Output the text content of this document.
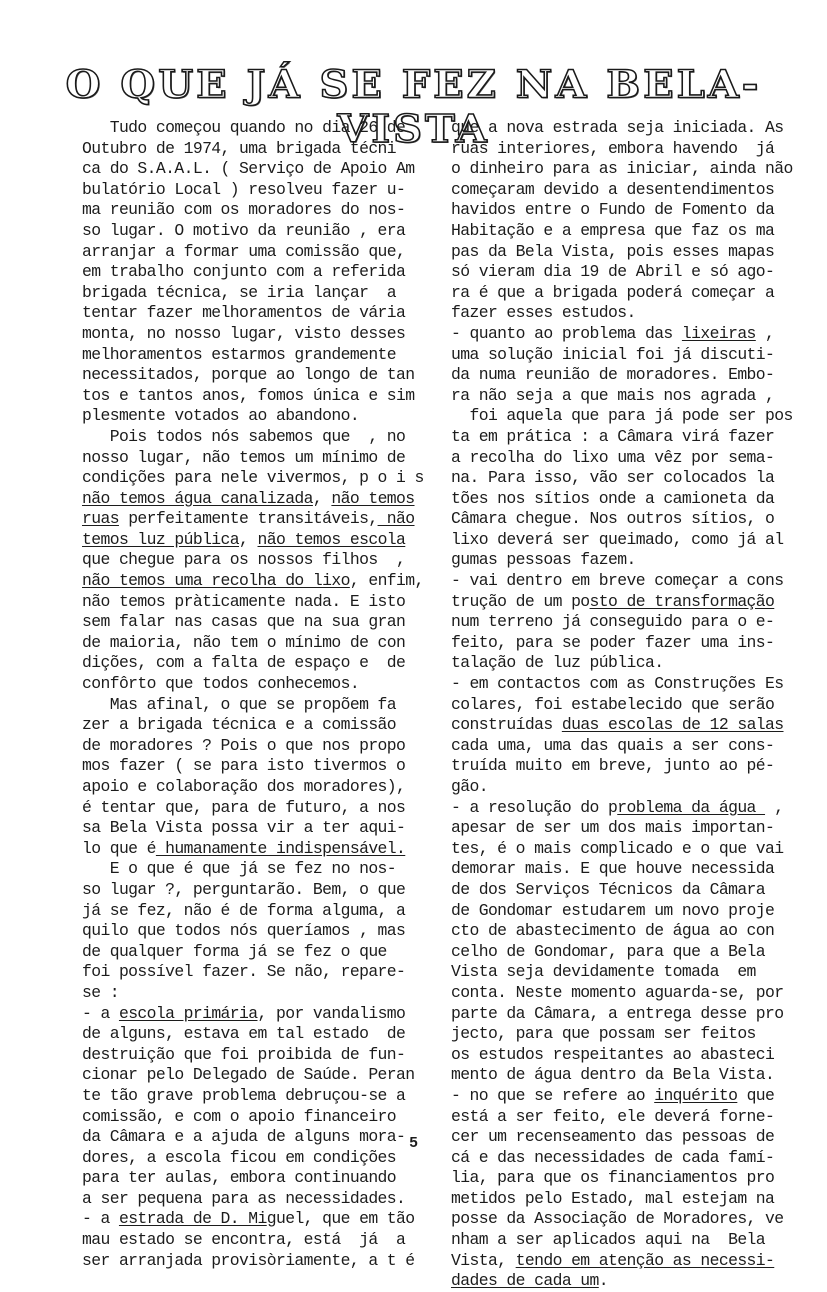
O QUE JÁ SE FEZ NA BELA-VISTA
Tudo começou quando no dia 26 de
Outubro de 1974, uma brigada técni
ca do S.A.A.L. ( Serviço de Apoio Am
bulatório Local ) resolveu fazer u-
ma reunião com os moradores do nos-
so lugar. O motivo da reunião , era
arranjar a formar uma comissão que,
em trabalho conjunto com a referida
brigada técnica, se iria lançar  a
tentar fazer melhoramentos de vária
monta, no nosso lugar, visto desses
melhoramentos estarmos grandemente
necessitados, porque ao longo de tan
tos e tantos anos, fomos única e sim
plesmente votados ao abandono.
Pois todos nós sabemos que  , no
nosso lugar, não temos um mínimo de
condições para nele vivermos, p o i s
não temos água canalizada, não temos
ruas perfeitamente transitáveis, não
temos luz pública, não temos escola
que chegue para os nossos filhos  ,
não temos uma recolha do lixo, enfim,
não temos pràticamente nada. E isto
sem falar nas casas que na sua gran
de maioria, não tem o mínimo de con
dições, com a falta de espaço e  de
confôrto que todos conhecemos.
Mas afinal, o que se propõem fa
zer a brigada técnica e a comissão
de moradores ? Pois o que nos propo
mos fazer ( se para isto tivermos o
apoio e colaboração dos moradores),
é tentar que, para de futuro, a nos
sa Bela Vista possa vir a ter aqui-
lo que é humanamente indispensável.
E o que é que já se fez no nos-
so lugar ?, perguntarão. Bem, o que
já se fez, não é de forma alguma, a
quilo que todos nós queríamos , mas
de qualquer forma já se fez o que
foi possível fazer. Se não, repare-
se :
- a escola primária, por vandalismo
de alguns, estava em tal estado  de
destruição que foi proibida de fun-
cionar pelo Delegado de Saúde. Peran
te tão grave problema debruçou-se a
comissão, e com o apoio financeiro
da Câmara e a ajuda de alguns mora-
dores, a escola ficou em condições
para ter aulas, embora continuando
a ser pequena para as necessidades.
- a estrada de D. Miguel, que em tão
mau estado se encontra, está  já  a
ser arranjada provisòriamente, a t é
que a nova estrada seja iniciada. As
ruas interiores, embora havendo  já
o dinheiro para as iniciar, ainda não
começaram devido a desentendimentos
havidos entre o Fundo de Fomento da
Habitação e a empresa que faz os ma
pas da Bela Vista, pois esses mapas
só vieram dia 19 de Abril e só ago-
ra é que a brigada poderá começar a
fazer esses estudos.
- quanto ao problema das lixeiras ,
uma solução inicial foi já discuti-
da numa reunião de moradores. Embo-
ra não seja a que mais nos agrada ,
foi aquela que para já pode ser pos
ta em prática : a Câmara virá fazer
a recolha do lixo uma vêz por sema-
na. Para isso, vão ser colocados la
tões nos sítios onde a camioneta da
Câmara chegue. Nos outros sítios, o
lixo deverá ser queimado, como já al
gumas pessoas fazem.
- vai dentro em breve começar a cons
trução de um posto de transformação
num terreno já conseguido para o e-
feito, para se poder fazer uma ins-
talação de luz pública.
- em contactos com as Construções Es
colares, foi estabelecido que serão
construídas duas escolas de 12 salas
cada uma, uma das quais a ser cons-
truída muito em breve, junto ao pé-
gão.
- a resolução do problema da água  ,
apesar de ser um dos mais importan-
tes, é o mais complicado e o que vai
demorar mais. E que houve necessida
de dos Serviços Técnicos da Câmara
de Gondomar estudarem um novo proje
cto de abastecimento de água ao con
celho de Gondomar, para que a Bela
Vista seja devidamente tomada  em
conta. Neste momento aguarda-se, por
parte da Câmara, a entrega desse pro
jecto, para que possam ser feitos
os estudos respeitantes ao abasteci
mento de água dentro da Bela Vista.
- no que se refere ao inquérito que
está a ser feito, ele deverá forne-
cer um recenseamento das pessoas de
cá e das necessidades de cada famí-
lia, para que os financiamentos pro
metidos pelo Estado, mal estejam na
posse da Associação de Moradores, ve
nham a ser aplicados aqui na  Bela
Vista, tendo em atenção as necessi-
dades de cada um.
5
